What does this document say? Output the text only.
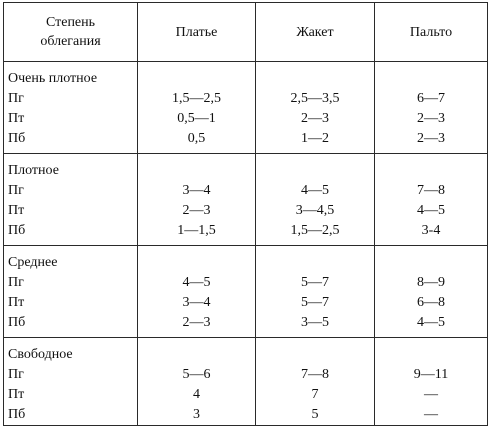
Степень облегания	Платье	Жакет	Пальто
Очень плотное			
Пг	1,5—2,5	2,5—3,5	6—7
Пт	0,5—1	2—3	2—3
Пб	0,5	1—2	2—3
Плотное			
Пг	3—4	4—5	7—8
Пт	2—3	3—4,5	4—5
Пб	1—1,5	1,5—2,5	3-4
Среднее			
Пг	4—5	5—7	8—9
Пт	3—4	5—7	6—8
Пб	2—3	3—5	4—5
Свободное			
Пг	5—6	7—8	9—11
Пт	4	7	—
Пб	3	5	—
